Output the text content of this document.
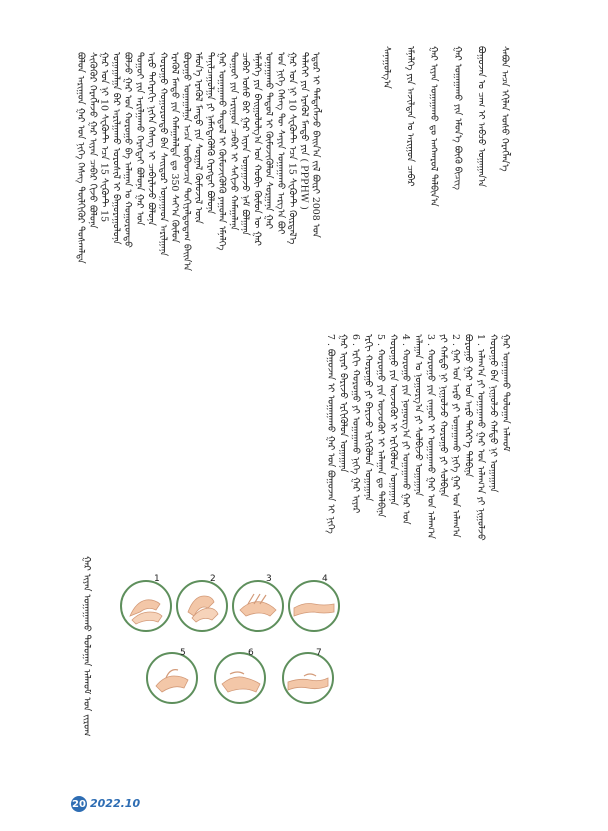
ᠪᠤᠯᠤᠨ ᠠᠷᠢᠭᠤᠨ ᠭᠠᠷ ᠤᠨ ᠨᠢᠭᠡ ᠬᠡᠰᠡᠭ ᠲᠦᠯᠬᠢᠭᠦᠷ ᠲᠤᠰᠬᠠᠯᠲᠠ ᠰᠢᠭᠦᠭᠦᠷ ᠬᠡᠷᠡᠭᠯᠡᠵᠦ ᠭᠠᠷ ᠢᠶᠠᠨ ᠴᠡᠪᠡᠷ ᠬᠢᠵᠦ ᠪᠤᠯᠤᠨᠠ ᠭᠠᠷ ᠤᠨ ᠨᠢ 10 ᠰᠧᠺᠦᠨᠲ ᠡᠴᠡ 15 ᠰᠧᠺᠦᠨᠲ 15 ᠤᠭᠠᠭᠠᠯᠭᠠ ᠪᠠᠷ ᠠᠷᠢᠯᠭᠠᠬᠤ ᠤᠷᠤᠰᠢᠯ ᠢ ᠪᠠᠭᠤᠷᠠᠭᠤᠯᠤᠨᠠ ᠪᠤᠯᠵᠤ ᠭᠠᠷ ᠤᠨ ᠬᠤᠷᠤᠭᠤ ᠪᠠ ᠠᠯᠠᠭᠠᠨ ᠤ ᠬᠤᠭᠤᠷᠤᠨᠳᠤ ᠳᠤᠭᠤᠢ ᠶᠢᠨ ᠠᠷᠢᠯᠭᠠᠬᠤ ᠬᠡᠷᠡᠭᠲᠡᠢ ᠪᠤᠯᠤᠨᠠ ᠭᠠᠷ ᠤᠨ ᠠᠷᠤ ᠳᠡᠭᠡᠷᠡᠬᠢ ᠨᠢᠭᠡᠨ ᠬᠡᠰᠡᠭ ᠢ ᠴᠡᠪᠡᠷᠯᠡᠵᠦ ᠪᠤᠯᠤᠨᠠ ᠬᠤᠷᠤᠭᠤ ᠬᠤᠭᠤᠷᠤᠨᠳᠤ ᠪᠠᠨ ᠰᠠᠢᠲᠤᠷ ᠤᠭᠠᠭᠠᠳ ᠠᠷᠢᠯᠭᠠᠨᠠ ᠡᠷᠡᠭᠦᠯ ᠮᠡᠨᠳᠦ ᠶᠢᠨ ᠬᠠᠮᠠᠭᠠᠯᠠᠯᠲᠠ ᠳᠤ 350 ᠰᠠᠶ᠎ᠠ ᠬᠦᠮᠦᠨ ᠪᠤᠷᠤᠭᠤ ᠤᠭᠠᠭᠠᠯᠭᠠ ᠠᠴᠠ ᠦᠪᠡᠳᠴᠢᠨ ᠲᠤᠬᠢᠶᠠᠯᠳᠤᠳᠠᠭ ᠪᠠᠢᠨ᠎ᠠ ᠡᠮᠦᠨ᠎ᠡ ᠡᠷᠡᠭᠦᠯ ᠮᠡᠨᠳᠦ ᠶᠢᠨ ᠰᠤᠷᠭᠠᠯ ᠬᠦᠮᠦᠵᠢᠯ ᠦᠨ ᠲᠠᠨᠢᠯᠴᠠᠭᠤᠯᠭᠠ ᠶᠢ ᠨᠡᠮᠡᠭᠳᠡᠭᠦᠯᠬᠦ ᠬᠡᠷᠡᠭᠲᠡᠢ ᠪᠤᠯᠤᠨᠠ ᠭᠠᠷ ᠤᠭᠠᠭᠠᠬᠤ ᠳᠠᠳᠤᠯ ᠢ ᠬᠦᠮᠦᠵᠢᠭᠦᠯᠬᠦ ᠶᠠᠭᠤᠯᠠᠨ ᠡᠮᠨᠡᠯᠭᠡ ᠳᠤᠭᠤᠢ ᠶᠢᠨ ᠠᠷᠢᠭᠤᠨ ᠴᠡᠪᠡᠷ ᠢ ᠰᠠᠬᠢᠵᠤ ᠬᠠᠮᠠᠭᠠᠯᠠᠨᠠ ᠴᠡᠪᠡᠷ ᠤᠰᠤ ᠪᠠᠷ ᠭᠠᠷ ᠢᠶᠠᠨ ᠤᠭᠠᠭᠠᠵᠤ ᠨᠠᠮ ᠪᠤᠯᠭᠠᠨᠠ ᠡᠮᠨᠡᠯᠭᠡ ᠶᠢᠨ ᠪᠠᠢᠭᠤᠯᠤᠯᠭ᠎ᠠ ᠤᠨ ᠬᠤᠪᠢ ᠬᠦᠮᠦᠨ ᠦ ᠭᠠᠷ ᠤᠭᠠᠭᠠᠬᠤ ᠳᠠᠳᠤᠯ ᠢ ᠬᠦᠮᠦᠵᠢᠭᠦᠯᠦᠨ ᠰᠤᠷᠭᠠᠨᠠ ᠭᠠᠷ ᠤᠨ ᠨᠢᠭᠡ ᠬᠡᠰᠡᠭ ᠲᠦ ᠰᠠᠶᠢᠨ ᠤᠭᠠᠭᠠᠬᠤ ᠠᠷᠭ᠎ᠠ ᠪᠤᠢ ᠭᠠᠷ ᠤᠨ ᠨᠢ 10 ᠰᠧᠺᠦᠨᠲ ᠡᠴᠡ 15 ᠰᠧᠺᠦᠨᠲ ᠬᠦᠷᠲᠡᠯ᠎ᠡ ᠳᠡᠯᠡᠬᠡᠢ ᠶᠢᠨ ᠡᠷᠡᠭᠦᠯ ᠮᠡᠨᠳᠦ ᠶᠢᠨ ( PPPHW ) ᠡᠳᠦᠷ ᠢ ᠲᠡᠮᠳᠡᠭᠯᠡᠵᠦ ᠪᠠᠢᠨ᠎ᠠ ᠵᠢᠯ ᠪᠦᠷᠢ 2008 ᠤᠨ	ᠰᠠᠨᠠᠭᠤᠯᠭ᠎ᠠ ᠡᠮᠨᠡᠯᠭᠡ ᠶᠢᠨ ᠠᠵᠢᠯᠲᠠᠨ ᠤ ᠠᠷᠢᠭᠤᠨ ᠴᠡᠪᠡᠷ ᠭᠠᠷ ᠢᠶᠠᠨ ᠤᠭᠠᠭᠠᠬᠤ ᠳᠤ ᠠᠩᠬᠠᠷᠤᠯ ᠲᠠᠯᠪᠢᠨ᠎ᠠ ᠭᠠᠷ ᠤᠭᠠᠭᠠᠬᠤ ᠶᠢᠨ ᠡᠮᠦᠨ᠎ᠡ ᠪᠦᠬᠦ ᠪᠢᠴᠢᠭ ᠪᠤᠭᠤᠵᠠᠨ ᠤ ᠴᠠᠭ ᠢ ᠠᠪᠴᠤ ᠤᠭᠠᠭᠠᠨ᠎ᠠ ᠰᠠᠪᠤᠨ ᠠᠴᠠ ᠡᠬᠢᠯᠡᠨ ᠤᠰᠤ ᠬᠡᠷᠡᠭᠯᠡᠨ᠎ᠡ
7 . ᠪᠤᠭᠤᠵᠠᠨ ᠢ ᠤᠭᠠᠭᠠᠬᠤ ᠭᠠᠷ ᠤᠨ ᠪᠤᠭᠤᠵᠠᠨ ᠢ ᠨᠢᠭᠡ ᠭᠠᠷ ᠢᠶᠠᠷ ᠪᠠᠷᠢᠵᠤ ᠡᠷᠭᠢᠭᠦᠯᠦᠨ ᠤᠭᠠᠭᠠᠨᠠ 6 . ᠡᠷᠬᠢ ᠬᠤᠷᠤᠭᠤ ᠶᠢ ᠤᠭᠠᠭᠠᠬᠤ ᠨᠢᠭᠡ ᠭᠠᠷ ᠢᠶᠠᠷ ᠡᠷᠬᠢ ᠬᠤᠷᠤᠭᠤ ᠶᠢ ᠪᠠᠷᠢᠵᠤ ᠡᠷᠭᠢᠭᠦᠯᠦᠨ ᠤᠭᠠᠭᠠᠨᠠ 5 . ᠬᠤᠷᠤᠭᠤ ᠶᠢᠨ ᠦᠵᠦᠭᠦᠷ ᠢ ᠠᠯᠠᠭᠠᠨ ᠳᠤ ᠲᠠᠯᠪᠢᠨᠠ ᠬᠤᠷᠤᠭᠤ ᠶᠢᠨ ᠦᠵᠦᠭᠦᠷ ᠢ ᠡᠷᠭᠢᠭᠦᠯᠦᠨ ᠤᠭᠠᠭᠠᠨᠠ 4 . ᠬᠤᠷᠤᠭᠤ ᠶᠢᠨ ᠨᠤᠭᠤᠷᠭ᠎ᠠ ᠶᠢ ᠤᠭᠠᠭᠠᠬᠤ ᠭᠠᠷ ᠤᠨ ᠠᠯᠠᠭᠠᠨ ᠤ ᠨᠤᠭᠤᠷᠭ᠎ᠠ ᠶᠢ ᠰᠤᠯᠪᠢᠵᠤ ᠤᠭᠠᠭᠠᠨᠠ 3 . ᠬᠤᠷᠤᠭᠤ ᠶᠢᠨ ᠵᠠᠭᠤᠷ ᠢ ᠤᠭᠠᠭᠠᠬᠤ ᠭᠠᠷ ᠤᠨ ᠠᠯᠠᠭ᠎ᠠ ᠶᠢ ᠬᠠᠮᠲᠤ ᠨᠢ ᠨᠢᠭᠤᠯᠵᠤ ᠬᠤᠷᠤᠭᠤ ᠶᠢ ᠰᠤᠯᠪᠢᠨᠠ 2 . ᠭᠠᠷ ᠤᠨ ᠠᠷᠤ ᠶᠢ ᠤᠭᠠᠭᠠᠬᠤ ᠨᠢᠭᠡ ᠭᠠᠷ ᠤᠨ ᠠᠯᠠᠭ᠎ᠠ ᠪᠤᠷᠤᠭᠤ ᠭᠠᠷ ᠤᠨ ᠠᠷᠤ ᠳᠡᠭᠡᠷ᠎ᠡ ᠲᠠᠯᠪᠢᠨᠠ 1 . ᠠᠯᠠᠭ᠎ᠠ ᠶᠢ ᠤᠭᠠᠭᠠᠬᠤ ᠭᠠᠷ ᠤᠨ ᠠᠯᠠᠭ᠎ᠠ ᠶᠢ ᠨᠢᠭᠤᠯᠵᠤ ᠬᠤᠷᠤᠭᠤ ᠪᠠᠨ ᠨᠢᠭᠤᠯᠵᠤ ᠬᠠᠮᠲᠤ ᠨᠢ ᠤᠭᠠᠭᠠᠨᠠ ᠭᠠᠷ ᠤᠭᠠᠭᠠᠬᠤ ᠳᠣᠯᠣᠭᠠᠨ ᠠᠯᠬᠤᠮ
ᠭᠠᠷ ᠢᠶᠠᠨ ᠤᠭᠠᠭᠠᠬᠤ ᠳᠣᠯᠣᠭᠠᠨ ᠠᠯᠬᠤᠮ ᠤᠨ ᠵᠢᠷᠤᠭ	1	2	3	4
5	6	7
20 2022.10
